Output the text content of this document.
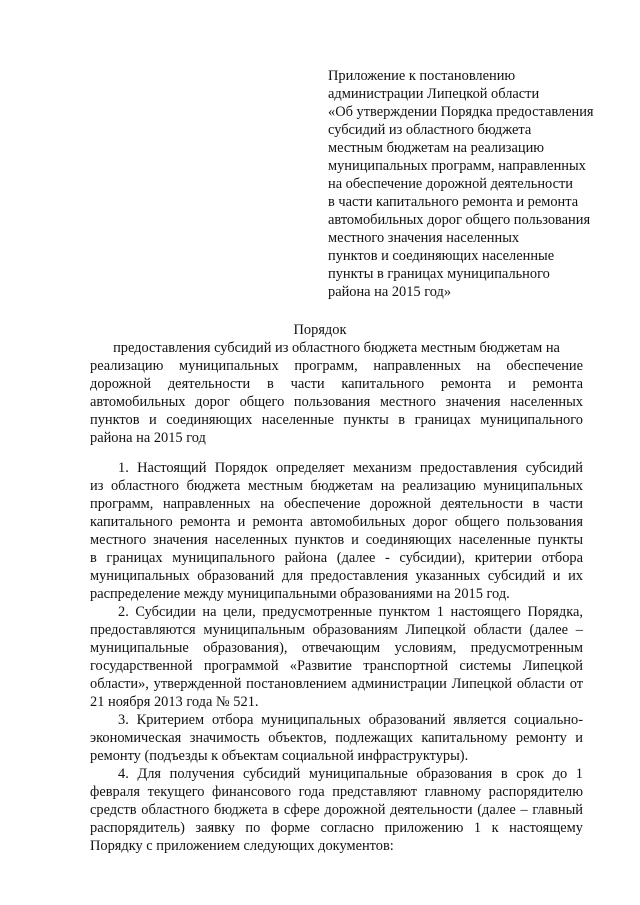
Приложение к постановлению
администрации Липецкой области
«Об утверждении Порядка предоставления
субсидий из областного бюджета
местным бюджетам на реализацию
муниципальных программ, направленных
на обеспечение дорожной деятельности
в части капитального ремонта и ремонта
автомобильных дорог общего пользования
местного значения населенных
пунктов и соединяющих населенные
пункты в границах муниципального
района на 2015 год»
Порядок
предоставления субсидий из областного бюджета местным бюджетам на
реализацию муниципальных программ, направленных на обеспечение
дорожной деятельности в части капитального ремонта и ремонта
автомобильных дорог общего пользования местного значения населенных
пунктов и соединяющих населенные пункты в границах муниципального
района на 2015 год
1. Настоящий Порядок определяет механизм предоставления субсидий
из областного бюджета местным бюджетам на реализацию муниципальных
программ, направленных на обеспечение дорожной деятельности в части
капитального ремонта и ремонта автомобильных дорог общего пользования
местного значения населенных пунктов и соединяющих населенные пункты
в границах муниципального района (далее - субсидии), критерии отбора
муниципальных образований для предоставления указанных субсидий и их
распределение между муниципальными образованиями на 2015 год.
2. Субсидии на цели, предусмотренные пунктом 1 настоящего Порядка,
предоставляются муниципальным образованиям Липецкой области (далее –
муниципальные образования), отвечающим условиям, предусмотренным
государственной программой «Развитие транспортной системы Липецкой
области», утвержденной постановлением администрации Липецкой области от
21 ноября 2013 года № 521.
3. Критерием отбора муниципальных образований является социально-
экономическая значимость объектов, подлежащих капитальному ремонту и
ремонту (подъезды к объектам социальной инфраструктуры).
4. Для получения субсидий муниципальные образования в срок до 1
февраля текущего финансового года представляют главному распорядителю
средств областного бюджета в сфере дорожной деятельности (далее – главный
распорядитель) заявку по форме согласно приложению 1 к настоящему
Порядку с приложением следующих документов:
